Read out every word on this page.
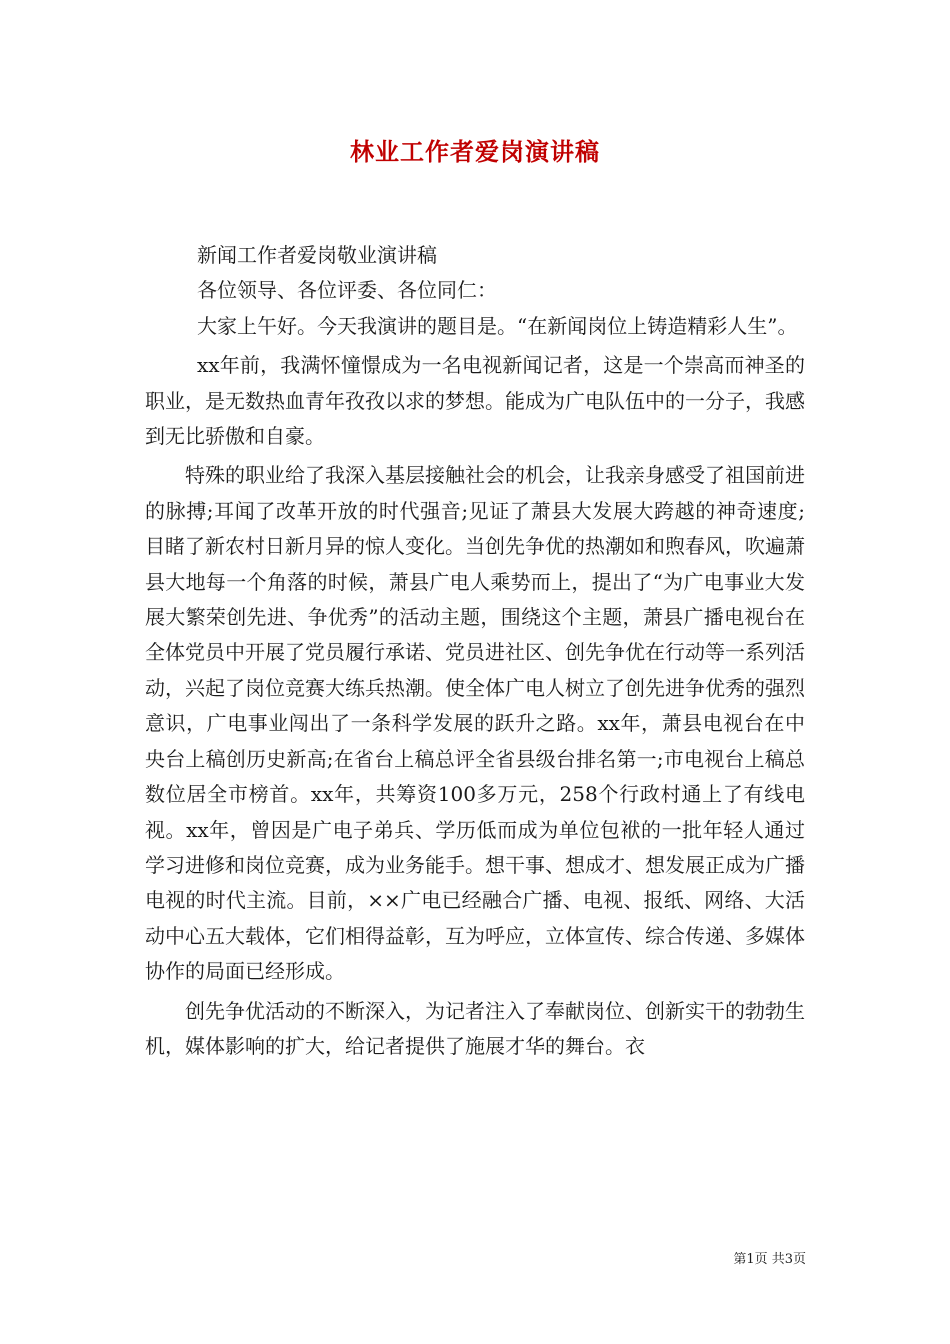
林业工作者爱岗演讲稿

新闻工作者爱岗敬业演讲稿

各位领导、各位评委、各位同仁：

大家上午好。今天我演讲的题目是。“在新闻岗位上铸造精彩人生”。

xx年前，我满怀憧憬成为一名电视新闻记者，这是一个崇高而神圣的职业，是无数热血青年孜孜以求的梦想。能成为广电队伍中的一分子，我感到无比骄傲和自豪。

特殊的职业给了我深入基层接触社会的机会，让我亲身感受了祖国前进的脉搏;耳闻了改革开放的时代强音;见证了萧县大发展大跨越的神奇速度;目睹了新农村日新月异的惊人变化。当创先争优的热潮如和煦春风，吹遍萧县大地每一个角落的时候，萧县广电人乘势而上，提出了“为广电事业大发展大繁荣创先进、争优秀”的活动主题，围绕这个主题，萧县广播电视台在全体党员中开展了党员履行承诺、党员进社区、创先争优在行动等一系列活动，兴起了岗位竞赛大练兵热潮。使全体广电人树立了创先进争优秀的强烈意识，广电事业闯出了一条科学发展的跃升之路。xx年，萧县电视台在中央台上稿创历史新高;在省台上稿总评全省县级台排名第一;市电视台上稿总数位居全市榜首。xx年，共筹资100多万元，258个行政村通上了有线电视。xx年，曾因是广电子弟兵、学历低而成为单位包袱的一批年轻人通过学习进修和岗位竞赛，成为业务能手。想干事、想成才、想发展正成为广播电视的时代主流。目前，××广电已经融合广播、电视、报纸、网络、大活动中心五大载体，它们相得益彰，互为呼应，立体宣传、综合传递、多媒体协作的局面已经形成。

创先争优活动的不断深入，为记者注入了奉献岗位、创新实干的勃勃生机，媒体影响的扩大，给记者提供了施展才华的舞台。衣

第1页 共3页
